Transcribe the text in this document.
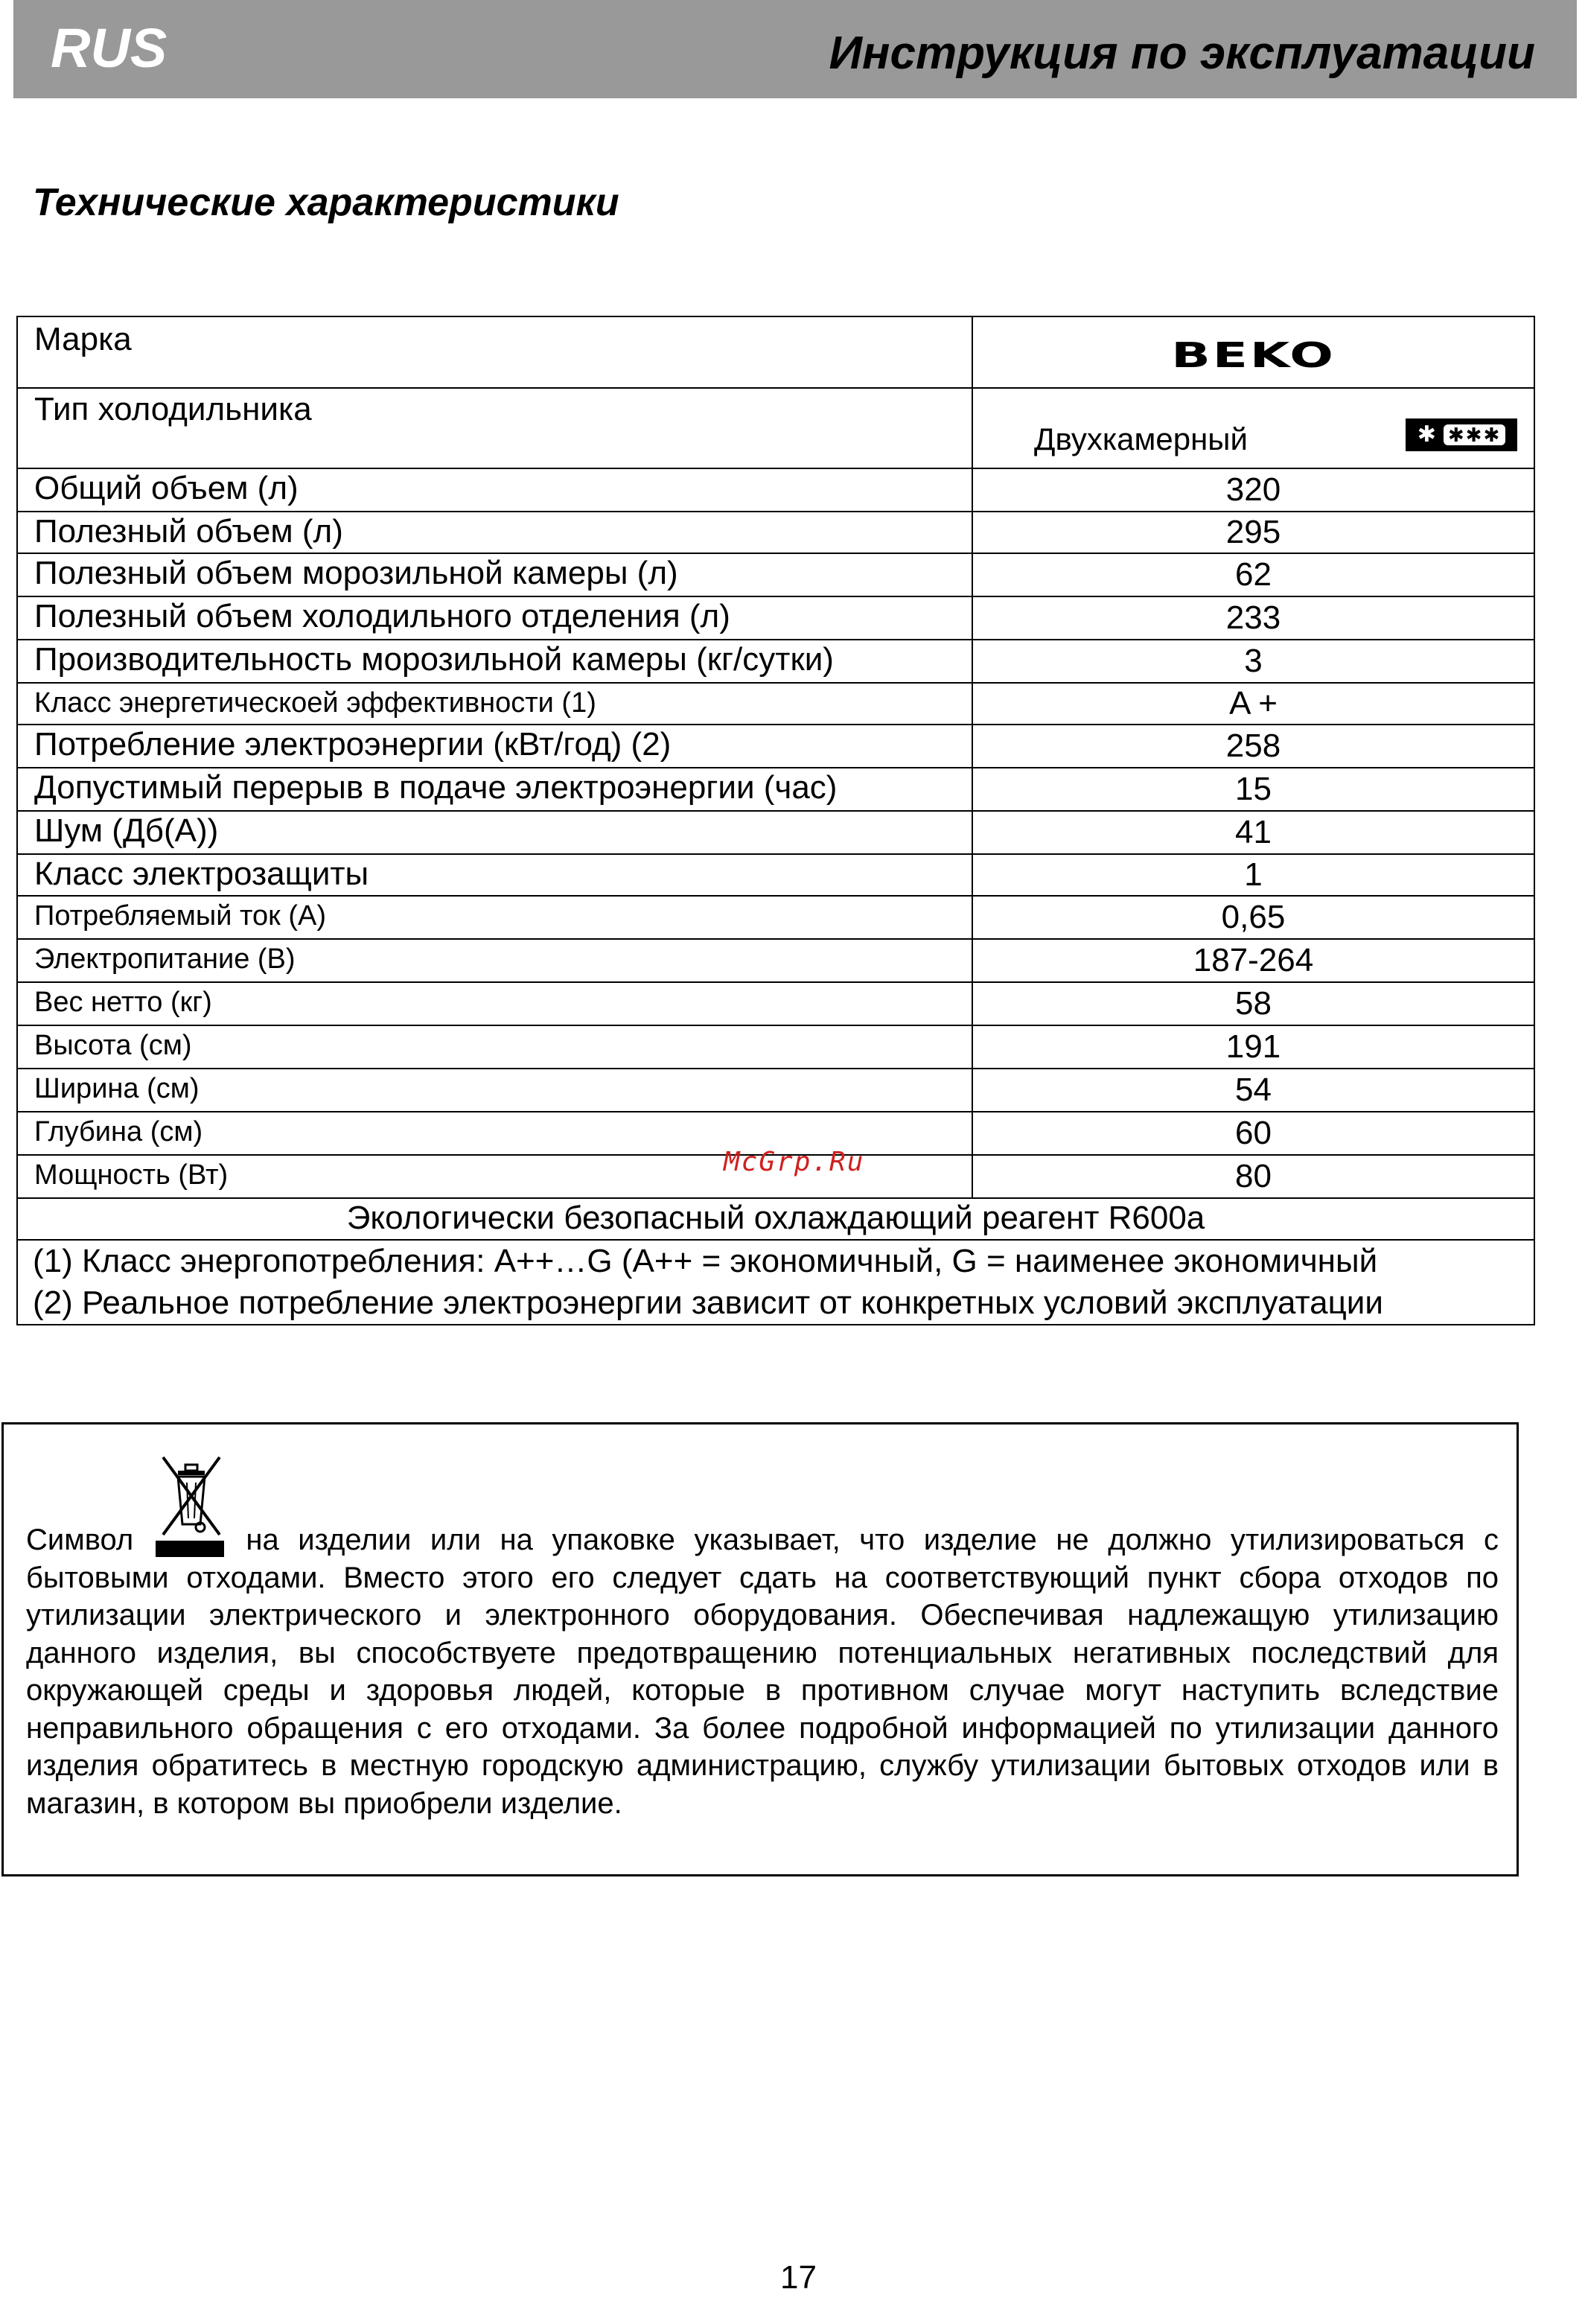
RUS	Инструкция по эксплуатации
Технические характеристики
Марка	BEKO
Тип холодильника	Двухкамерный ✱ ✱✱✱

Общий объем (л)	320
Полезный объем (л)	295
Полезный объем морозильной камеры (л)	62
Полезный объем холодильного отделения (л)	233
Производительность морозильной камеры (кг/сутки)	3
Класс энергетическоей эффективности (1)	A +
Потребление электроэнергии (кВт/год) (2)	258
Допустимый перерыв в подаче электроэнергии (час)	15
Шум (Дб(А))	41
Класс электрозащиты	1
Потребляемый ток (А)	0,65
Электропитание (В)	187-264
Вес нетто (кг)	58
Высота (см)	191
Ширина (см)	54
Глубина (см)	60
Мощность (Вт)	80
Экологически безопасный охлаждающий реагент R600a	

(1) Класс энергопотребления: A++…G (A++ = экономичный, G = наименее экономичный
(2) Реальное потребление электроэнергии зависит от конкретных условий эксплуатации	
McGrp.Ru
Символ	на изделии или на упаковке указывает, что изделие не должно утилизироваться с бытовыми отходами. Вместо этого его следует сдать на соответствующий пункт сбора отходов по утилизации электрического и электронного оборудования. Обеспечивая надлежащую утилизацию данного изделия, вы способствуете предотвращению потенциальных негативных последствий для окружающей среды и здоровья людей, которые в противном случае могут наступить вследствие неправильного обращения с его отходами. За более подробной информацией по утилизации данного изделия обратитесь в местную городскую администрацию, службу утилизации бытовых отходов или в магазин, в котором вы приобрели изделие.
17
